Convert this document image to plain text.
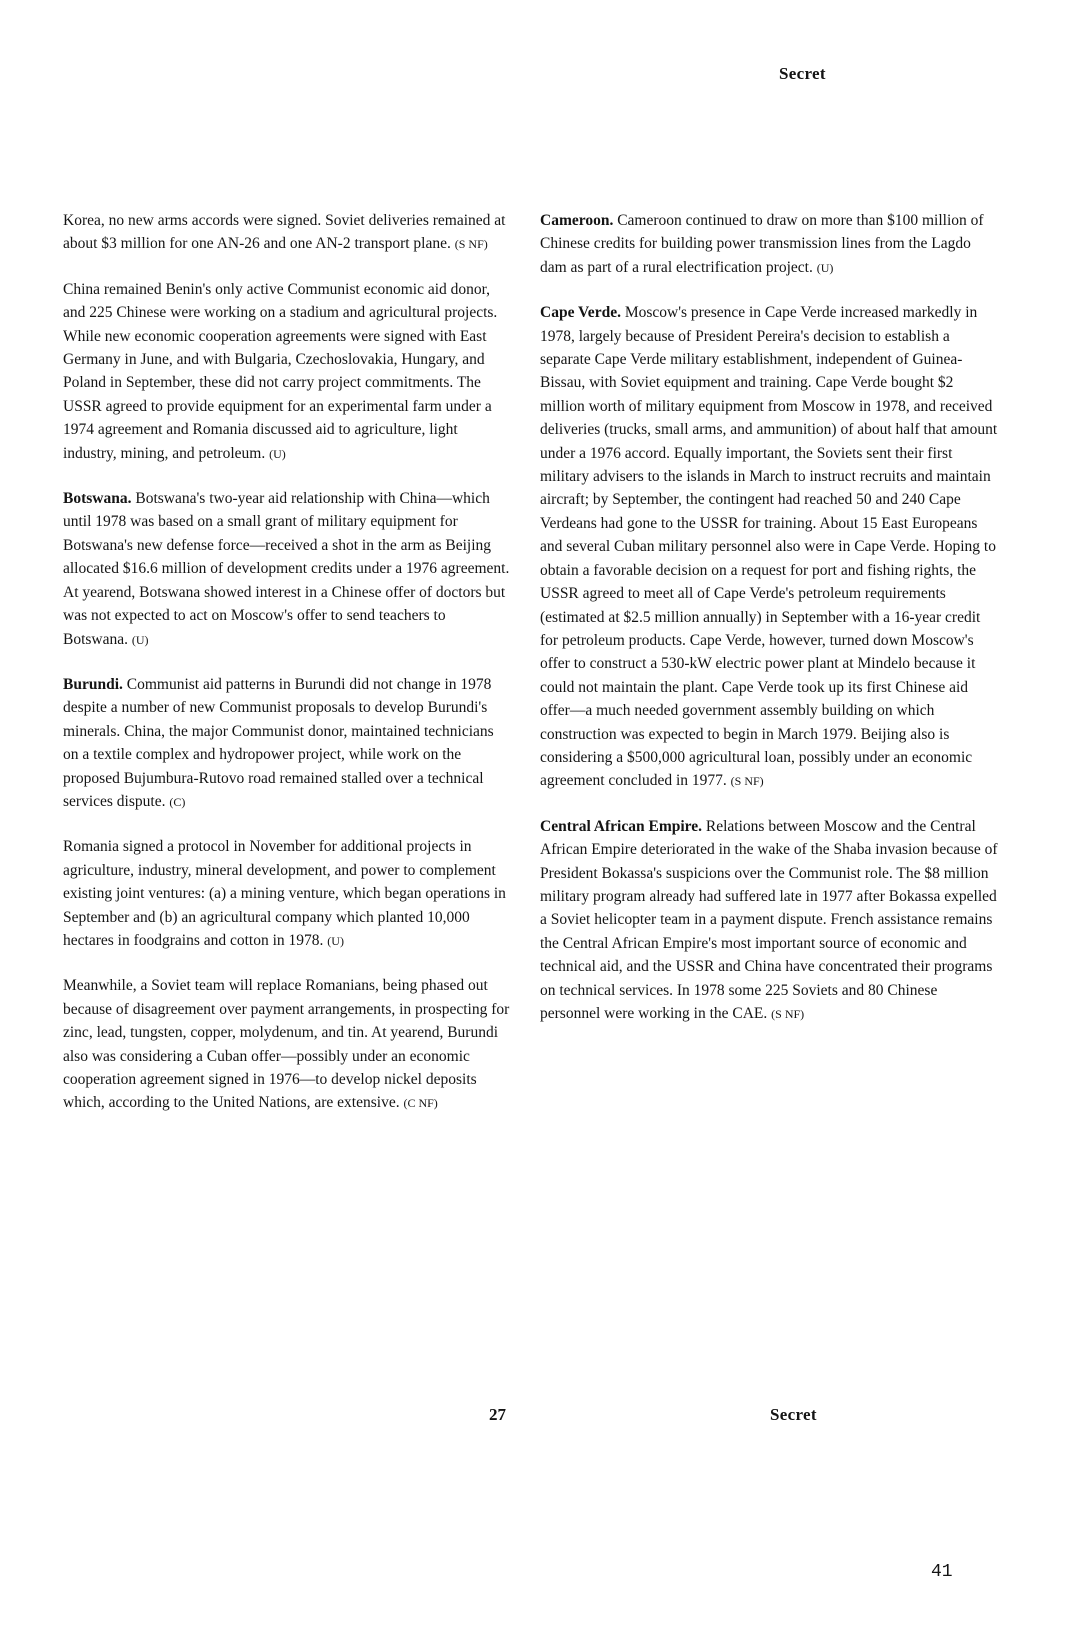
Secret

Korea, no new arms accords were signed. Soviet deliveries remained at about $3 million for one AN-26 and one AN-2 transport plane. (S NF)

China remained Benin's only active Communist economic aid donor, and 225 Chinese were working on a stadium and agricultural projects. While new economic cooperation agreements were signed with East Germany in June, and with Bulgaria, Czechoslovakia, Hungary, and Poland in September, these did not carry project commitments. The USSR agreed to provide equipment for an experimental farm under a 1974 agreement and Romania discussed aid to agriculture, light industry, mining, and petroleum. (U)

Botswana. Botswana's two-year aid relationship with China—which until 1978 was based on a small grant of military equipment for Botswana's new defense force—received a shot in the arm as Beijing allocated $16.6 million of development credits under a 1976 agreement. At yearend, Botswana showed interest in a Chinese offer of doctors but was not expected to act on Moscow's offer to send teachers to Botswana. (U)

Burundi. Communist aid patterns in Burundi did not change in 1978 despite a number of new Communist proposals to develop Burundi's minerals. China, the major Communist donor, maintained technicians on a textile complex and hydropower project, while work on the proposed Bujumbura-Rutovo road remained stalled over a technical services dispute. (C)

Romania signed a protocol in November for additional projects in agriculture, industry, mineral development, and power to complement existing joint ventures: (a) a mining venture, which began operations in September and (b) an agricultural company which planted 10,000 hectares in foodgrains and cotton in 1978. (U)

Meanwhile, a Soviet team will replace Romanians, being phased out because of disagreement over payment arrangements, in prospecting for zinc, lead, tungsten, copper, molydenum, and tin. At yearend, Burundi also was considering a Cuban offer—possibly under an economic cooperation agreement signed in 1976—to develop nickel deposits which, according to the United Nations, are extensive. (C NF)

Cameroon. Cameroon continued to draw on more than $100 million of Chinese credits for building power transmission lines from the Lagdo dam as part of a rural electrification project. (U)

Cape Verde. Moscow's presence in Cape Verde increased markedly in 1978, largely because of President Pereira's decision to establish a separate Cape Verde military establishment, independent of Guinea-Bissau, with Soviet equipment and training. Cape Verde bought $2 million worth of military equipment from Moscow in 1978, and received deliveries (trucks, small arms, and ammunition) of about half that amount under a 1976 accord. Equally important, the Soviets sent their first military advisers to the islands in March to instruct recruits and maintain aircraft; by September, the contingent had reached 50 and 240 Cape Verdeans had gone to the USSR for training. About 15 East Europeans and several Cuban military personnel also were in Cape Verde. Hoping to obtain a favorable decision on a request for port and fishing rights, the USSR agreed to meet all of Cape Verde's petroleum requirements (estimated at $2.5 million annually) in September with a 16-year credit for petroleum products. Cape Verde, however, turned down Moscow's offer to construct a 530-kW electric power plant at Mindelo because it could not maintain the plant. Cape Verde took up its first Chinese aid offer—a much needed government assembly building on which construction was expected to begin in March 1979. Beijing also is considering a $500,000 agricultural loan, possibly under an economic agreement concluded in 1977. (S NF)

Central African Empire. Relations between Moscow and the Central African Empire deteriorated in the wake of the Shaba invasion because of President Bokassa's suspicions over the Communist role. The $8 million military program already had suffered late in 1977 after Bokassa expelled a Soviet helicopter team in a payment dispute. French assistance remains the Central African Empire's most important source of economic and technical aid, and the USSR and China have concentrated their programs on technical services. In 1978 some 225 Soviets and 80 Chinese personnel were working in the CAE. (S NF)

27	Secret
41
